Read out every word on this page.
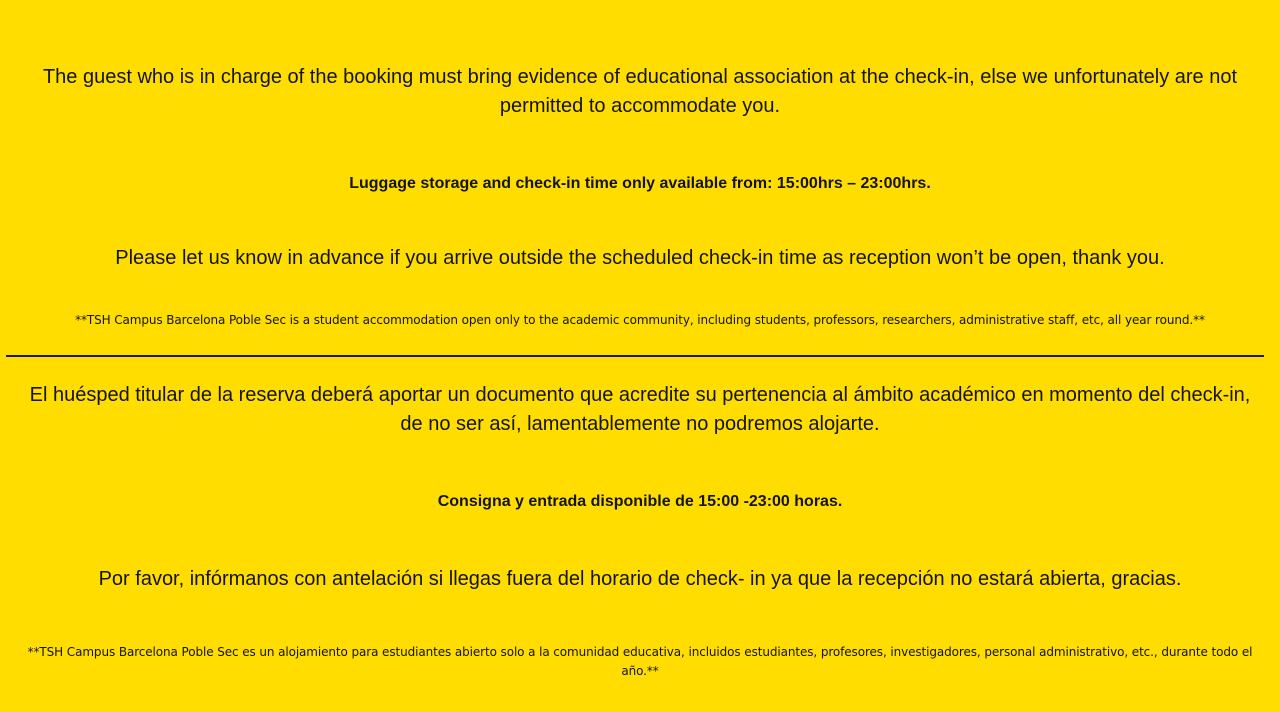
The guest who is in charge of the booking must bring evidence of educational association at the check-in, else we unfortunately are not permitted to accommodate you.

Luggage storage and check-in time only available from: 15:00hrs – 23:00hrs.

Please let us know in advance if you arrive outside the scheduled check-in time as reception won’t be open, thank you.

**TSH Campus Barcelona Poble Sec is a student accommodation open only to the academic community, including students, professors, researchers, administrative staff, etc, all year round.**

El huésped titular de la reserva deberá aportar un documento que acredite su pertenencia al ámbito académico en momento del check-in, de no ser así, lamentablemente no podremos alojarte.

Consigna y entrada disponible de 15:00 -23:00 horas.

Por favor, infórmanos con antelación si llegas fuera del horario de check- in ya que la recepción no estará abierta, gracias.

**TSH Campus Barcelona Poble Sec es un alojamiento para estudiantes abierto solo a la comunidad educativa, incluidos estudiantes, profesores, investigadores, personal administrativo, etc., durante todo el año.**
